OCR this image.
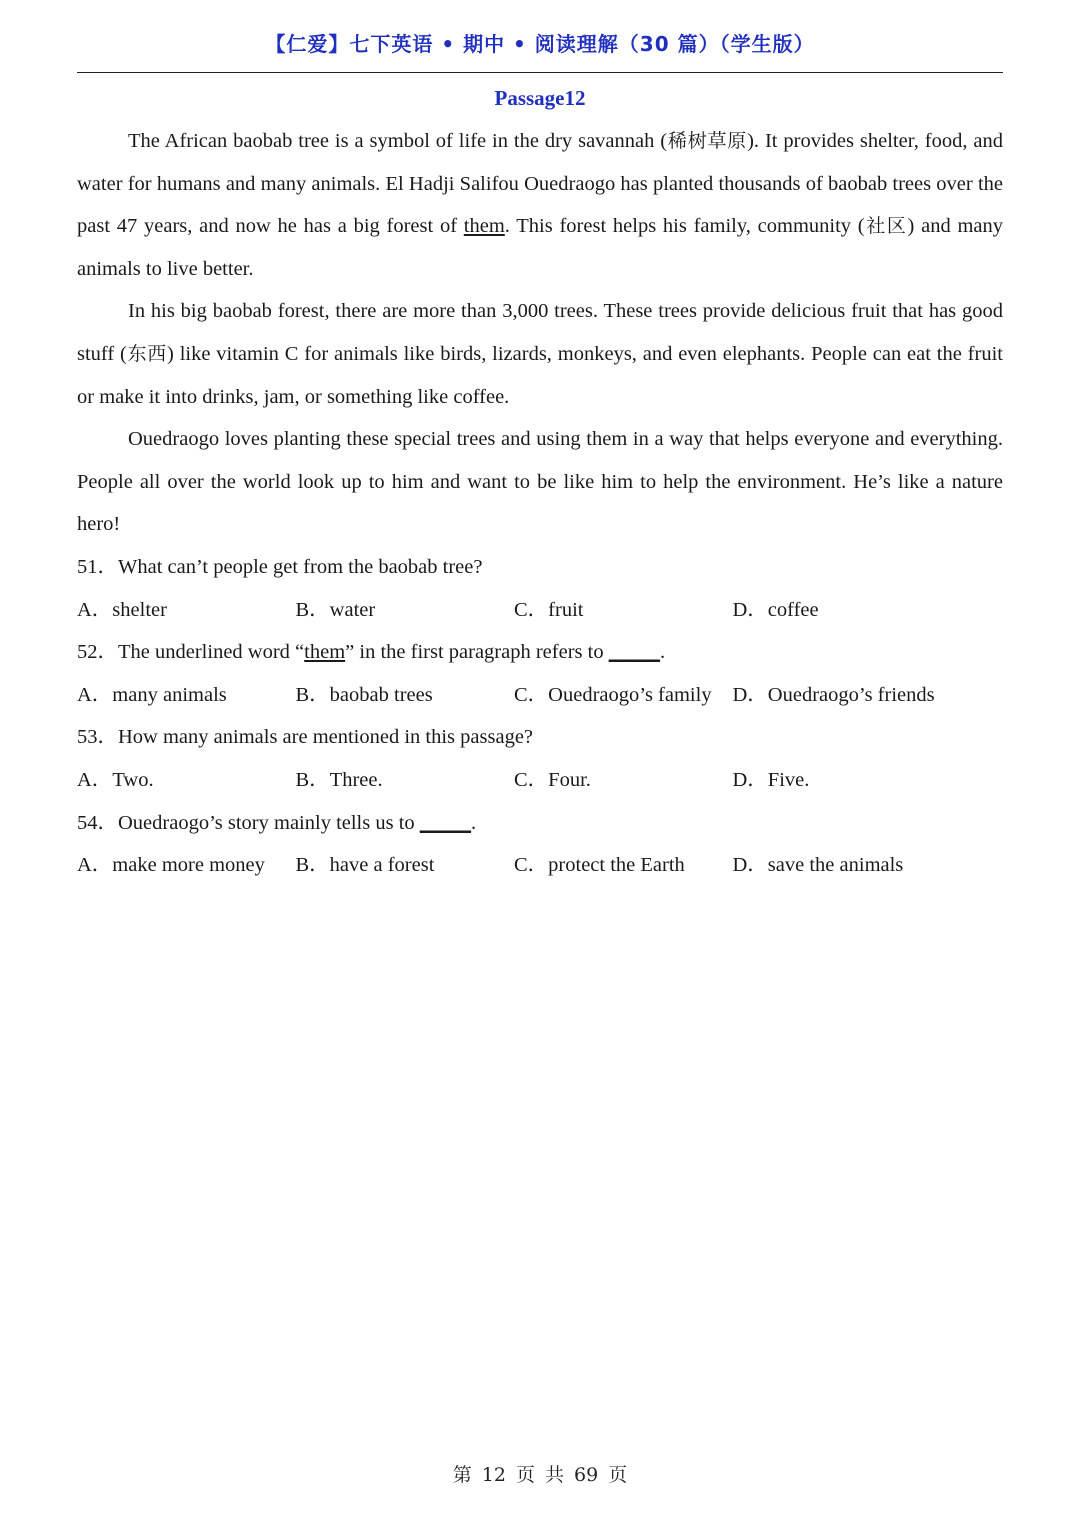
【仁爱】七下英语 • 期中 • 阅读理解（30 篇）（学生版）
Passage12

The African baobab tree is a symbol of life in the dry savannah (稀树草原). It provides shelter, food, and water for humans and many animals. El Hadji Salifou Ouedraogo has planted thousands of baobab trees over the past 47 years, and now he has a big forest of them. This forest helps his family, community (社区) and many animals to live better.

In his big baobab forest, there are more than 3,000 trees. These trees provide delicious fruit that has good stuff (东西) like vitamin C for animals like birds, lizards, monkeys, and even elephants. People can eat the fruit or make it into drinks, jam, or something like coffee.

Ouedraogo loves planting these special trees and using them in a way that helps everyone and everything. People all over the world look up to him and want to be like him to help the environment. He’s like a nature hero!

51．What can’t people get from the baobab tree?

A．shelter	B．water	C．fruit	D．coffee

52．The underlined word “them” in the first paragraph refers to _____.

A．many animals	B．baobab trees	C．Ouedraogo’s family	D．Ouedraogo’s friends

53．How many animals are mentioned in this passage?

A．Two.	B．Three.	C．Four.	D．Five.

54．Ouedraogo’s story mainly tells us to _____.

A．make more money	B．have a forest	C．protect the Earth	D．save the animals
第 12 页 共 69 页
